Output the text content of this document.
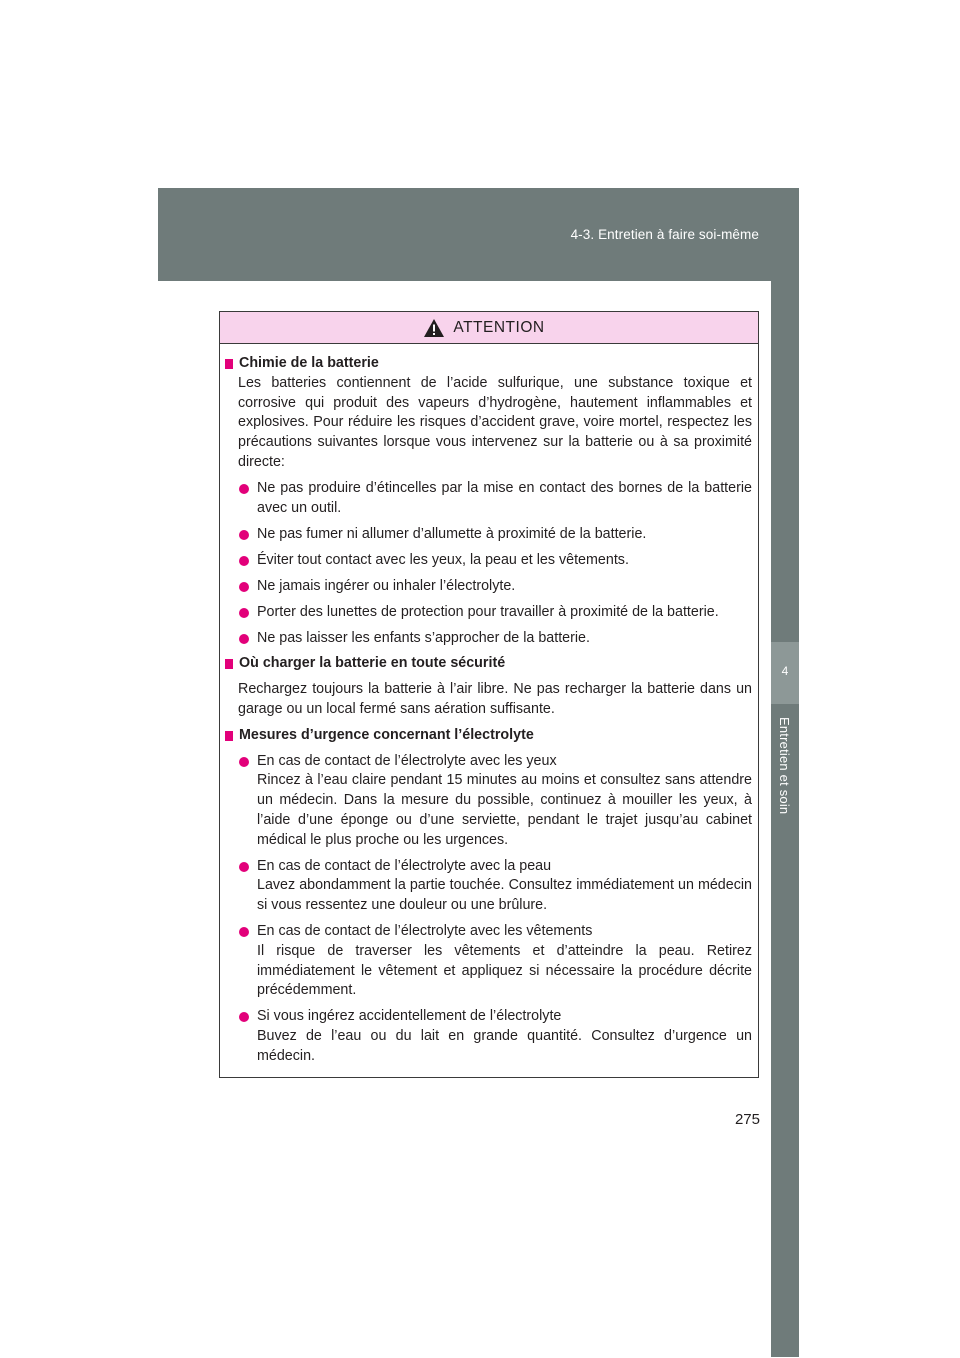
4-3. Entretien à faire soi-même
4
Entretien et soin
ATTENTION
Chimie de la batterie

Les batteries contiennent de l’acide sulfurique, une substance toxique et corrosive qui produit des vapeurs d’hydrogène, hautement inflammables et explosives. Pour réduire les risques d’accident grave, voire mortel, respectez les précautions suivantes lorsque vous intervenez sur la batterie ou à sa proximité directe:

Ne pas produire d’étincelles par la mise en contact des bornes de la batterie avec un outil.
Ne pas fumer ni allumer d’allumette à proximité de la batterie.
Éviter tout contact avec les yeux, la peau et les vêtements.
Ne jamais ingérer ou inhaler l’électrolyte.
Porter des lunettes de protection pour travailler à proximité de la batterie.
Ne pas laisser les enfants s’approcher de la batterie.
Où charger la batterie en toute sécurité

Rechargez toujours la batterie à l’air libre. Ne pas recharger la batterie dans un garage ou un local fermé sans aération suffisante.

Mesures d’urgence concernant l’électrolyte
En cas de contact de l’électrolyte avec les yeux
Rincez à l’eau claire pendant 15 minutes au moins et consultez sans attendre un médecin. Dans la mesure du possible, continuez à mouiller les yeux, à l’aide d’une éponge ou d’une serviette, pendant le trajet jusqu’au cabinet médical le plus proche ou les urgences.
En cas de contact de l’électrolyte avec la peau
Lavez abondamment la partie touchée. Consultez immédiatement un médecin si vous ressentez une douleur ou une brûlure.
En cas de contact de l’électrolyte avec les vêtements
Il risque de traverser les vêtements et d’atteindre la peau. Retirez immédiatement le vêtement et appliquez si nécessaire la procédure décrite précédemment.
Si vous ingérez accidentellement de l’électrolyte
Buvez de l’eau ou du lait en grande quantité. Consultez d’urgence un médecin.
275
